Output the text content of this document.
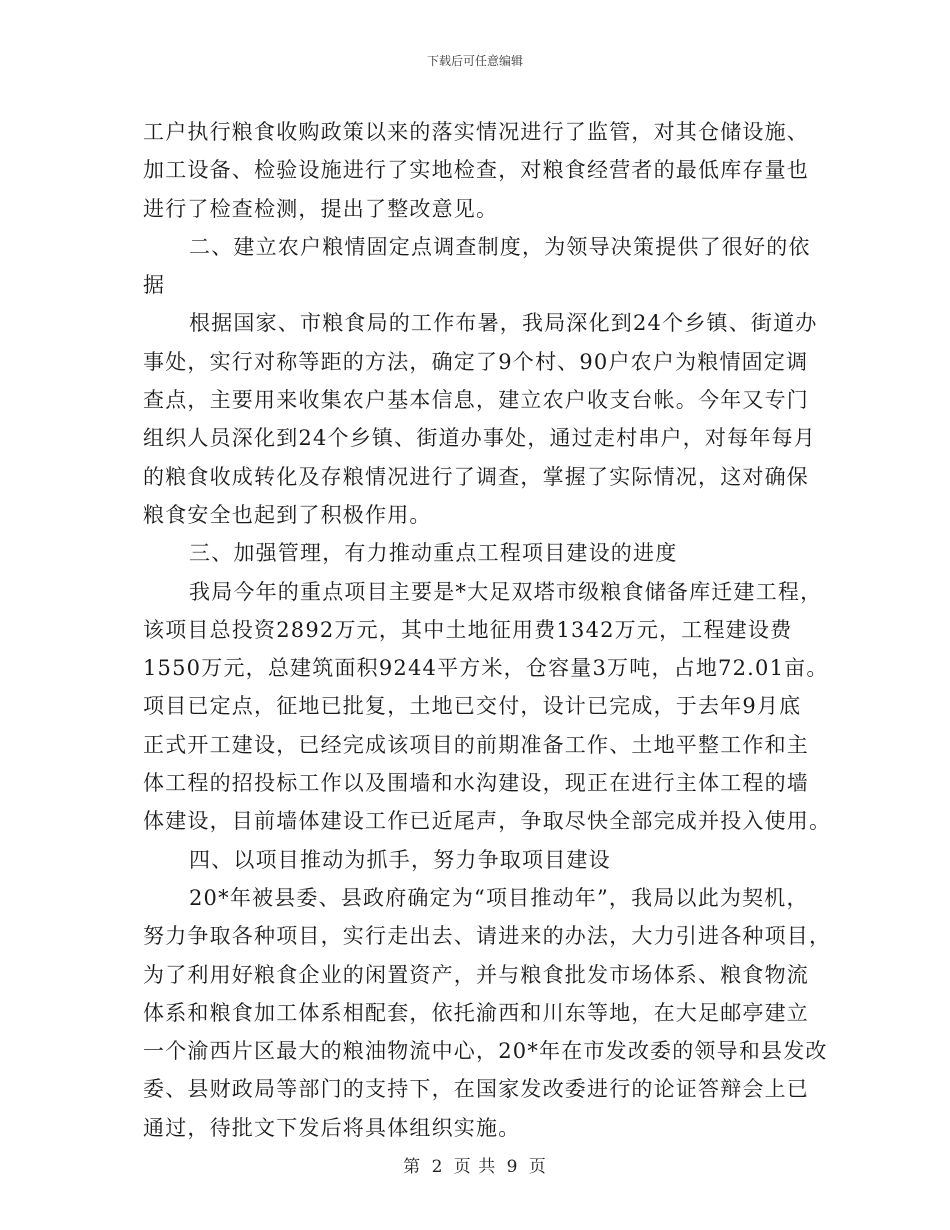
下载后可任意编辑
工户执行粮食收购政策以来的落实情况进行了监管，对其仓储设施、
加工设备、检验设施进行了实地检查，对粮食经营者的最低库存量也
进行了检查检测，提出了整改意见。
二、建立农户粮情固定点调查制度，为领导决策提供了很好的依
据
根据国家、市粮食局的工作布暑，我局深化到24个乡镇、街道办
事处，实行对称等距的方法，确定了9个村、90户农户为粮情固定调
查点，主要用来收集农户基本信息，建立农户收支台帐。今年又专门
组织人员深化到24个乡镇、街道办事处，通过走村串户，对每年每月
的粮食收成转化及存粮情况进行了调查，掌握了实际情况，这对确保
粮食安全也起到了积极作用。
三、加强管理，有力推动重点工程项目建设的进度
我局今年的重点项目主要是*大足双塔市级粮食储备库迁建工程，
该项目总投资2892万元，其中土地征用费1342万元，工程建设费
1550万元，总建筑面积9244平方米，仓容量3万吨，占地72.01亩。
项目已定点，征地已批复，土地已交付，设计已完成，于去年9月底
正式开工建设，已经完成该项目的前期准备工作、土地平整工作和主
体工程的招投标工作以及围墙和水沟建设，现正在进行主体工程的墙
体建设，目前墙体建设工作已近尾声，争取尽快全部完成并投入使用。
四、以项目推动为抓手，努力争取项目建设
20*年被县委、县政府确定为“项目推动年”，我局以此为契机，
努力争取各种项目，实行走出去、请进来的办法，大力引进各种项目，
为了利用好粮食企业的闲置资产，并与粮食批发市场体系、粮食物流
体系和粮食加工体系相配套，依托渝西和川东等地，在大足邮亭建立
一个渝西片区最大的粮油物流中心，20*年在市发改委的领导和县发改
委、县财政局等部门的支持下，在国家发改委进行的论证答辩会上已
通过，待批文下发后将具体组织实施。
第 2 页 共 9 页
